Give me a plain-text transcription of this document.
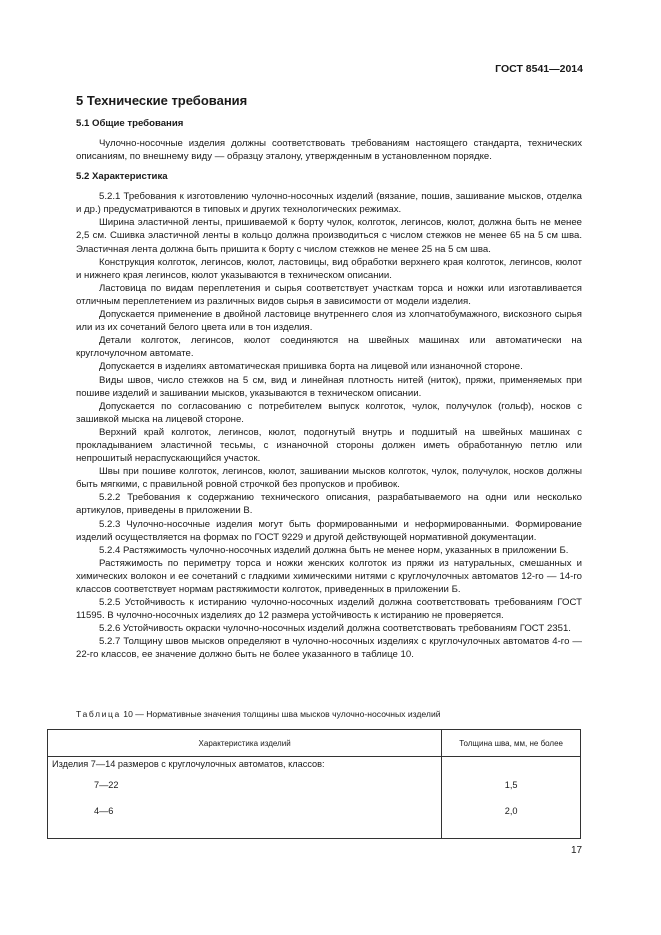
ГОСТ 8541—2014
5 Технические требования
5.1 Общие требования

Чулочно-носочные изделия должны соответствовать требованиям настоящего стандарта, технических описаниям, по внешнему виду — образцу эталону, утвержденным в установленном порядке.

5.2 Характеристика

5.2.1 Требования к изготовлению чулочно-носочных изделий (вязание, пошив, зашивание мысков, отделка и др.) предусматриваются в типовых и других технологических режимах.

Ширина эластичной ленты, пришиваемой к борту чулок, колготок, легинсов, кюлот, должна быть не менее 2,5 см. Сшивка эластичной ленты в кольцо должна производиться с числом стежков не менее 65 на 5 см шва. Эластичная лента должна быть пришита к борту с числом стежков не менее 25 на 5 см шва.

Конструкция колготок, легинсов, кюлот, ластовицы, вид обработки верхнего края колготок, легинсов, кюлот и нижнего края легинсов, кюлот указываются в техническом описании.

Ластовица по видам переплетения и сырья соответствует участкам торса и ножки или изготавливается отличным переплетением из различных видов сырья в зависимости от модели изделия.

Допускается применение в двойной ластовице внутреннего слоя из хлопчатобумажного, вискозного сырья или из их сочетаний белого цвета или в тон изделия.

Детали колготок, легинсов, кюлот соединяются на швейных машинах или автоматически на круглочулочном автомате.

Допускается в изделиях автоматическая пришивка борта на лицевой или изнаночной стороне.

Виды швов, число стежков на 5 см, вид и линейная плотность нитей (ниток), пряжи, применяемых при пошиве изделий и зашивании мысков, указываются в техническом описании.

Допускается по согласованию с потребителем выпуск колготок, чулок, получулок (гольф), носков с зашивкой мыска на лицевой стороне.

Верхний край колготок, легинсов, кюлот, подогнутый внутрь и подшитый на швейных машинах с прокладыванием эластичной тесьмы, с изнаночной стороны должен иметь обработанную петлю или непрошитый нераспускающийся участок.

Швы при пошиве колготок, легинсов, кюлот, зашивании мысков колготок, чулок, получулок, носков должны быть мягкими, с правильной ровной строчкой без пропусков и пробивок.

5.2.2 Требования к содержанию технического описания, разрабатываемого на одни или несколько артикулов, приведены в приложении В.

5.2.3 Чулочно-носочные изделия могут быть формированными и неформированными. Формирование изделий осуществляется на формах по ГОСТ 9229 и другой действующей нормативной документации.

5.2.4 Растяжимость чулочно-носочных изделий должна быть не менее норм, указанных в приложении Б.

Растяжимость по периметру торса и ножки женских колготок из пряжи из натуральных, смешанных и химических волокон и ее сочетаний с гладкими химическими нитями с круглочулочных автоматов 12-го — 14-го классов соответствует нормам растяжимости колготок, приведенных в приложении Б.

5.2.5 Устойчивость к истиранию чулочно-носочных изделий должна соответствовать требованиям ГОСТ 11595. В чулочно-носочных изделиях до 12 размера устойчивость к истиранию не проверяется.

5.2.6 Устойчивость окраски чулочно-носочных изделий должна соответствовать требованиям ГОСТ 2351.

5.2.7 Толщину швов мысков определяют в чулочно-носочных изделиях с круглочулочных автоматов 4-го — 22-го классов, ее значение должно быть не более указанного в таблице 10.

Таблица 10 — Нормативные значения толщины шва мысков чулочно-носочных изделий
Характеристика изделий	Толщина шва, мм, не более
Изделия 7—14 размеров с круглочулочных автоматов, классов:	
7—22	1,5
4—6	2,0
17
